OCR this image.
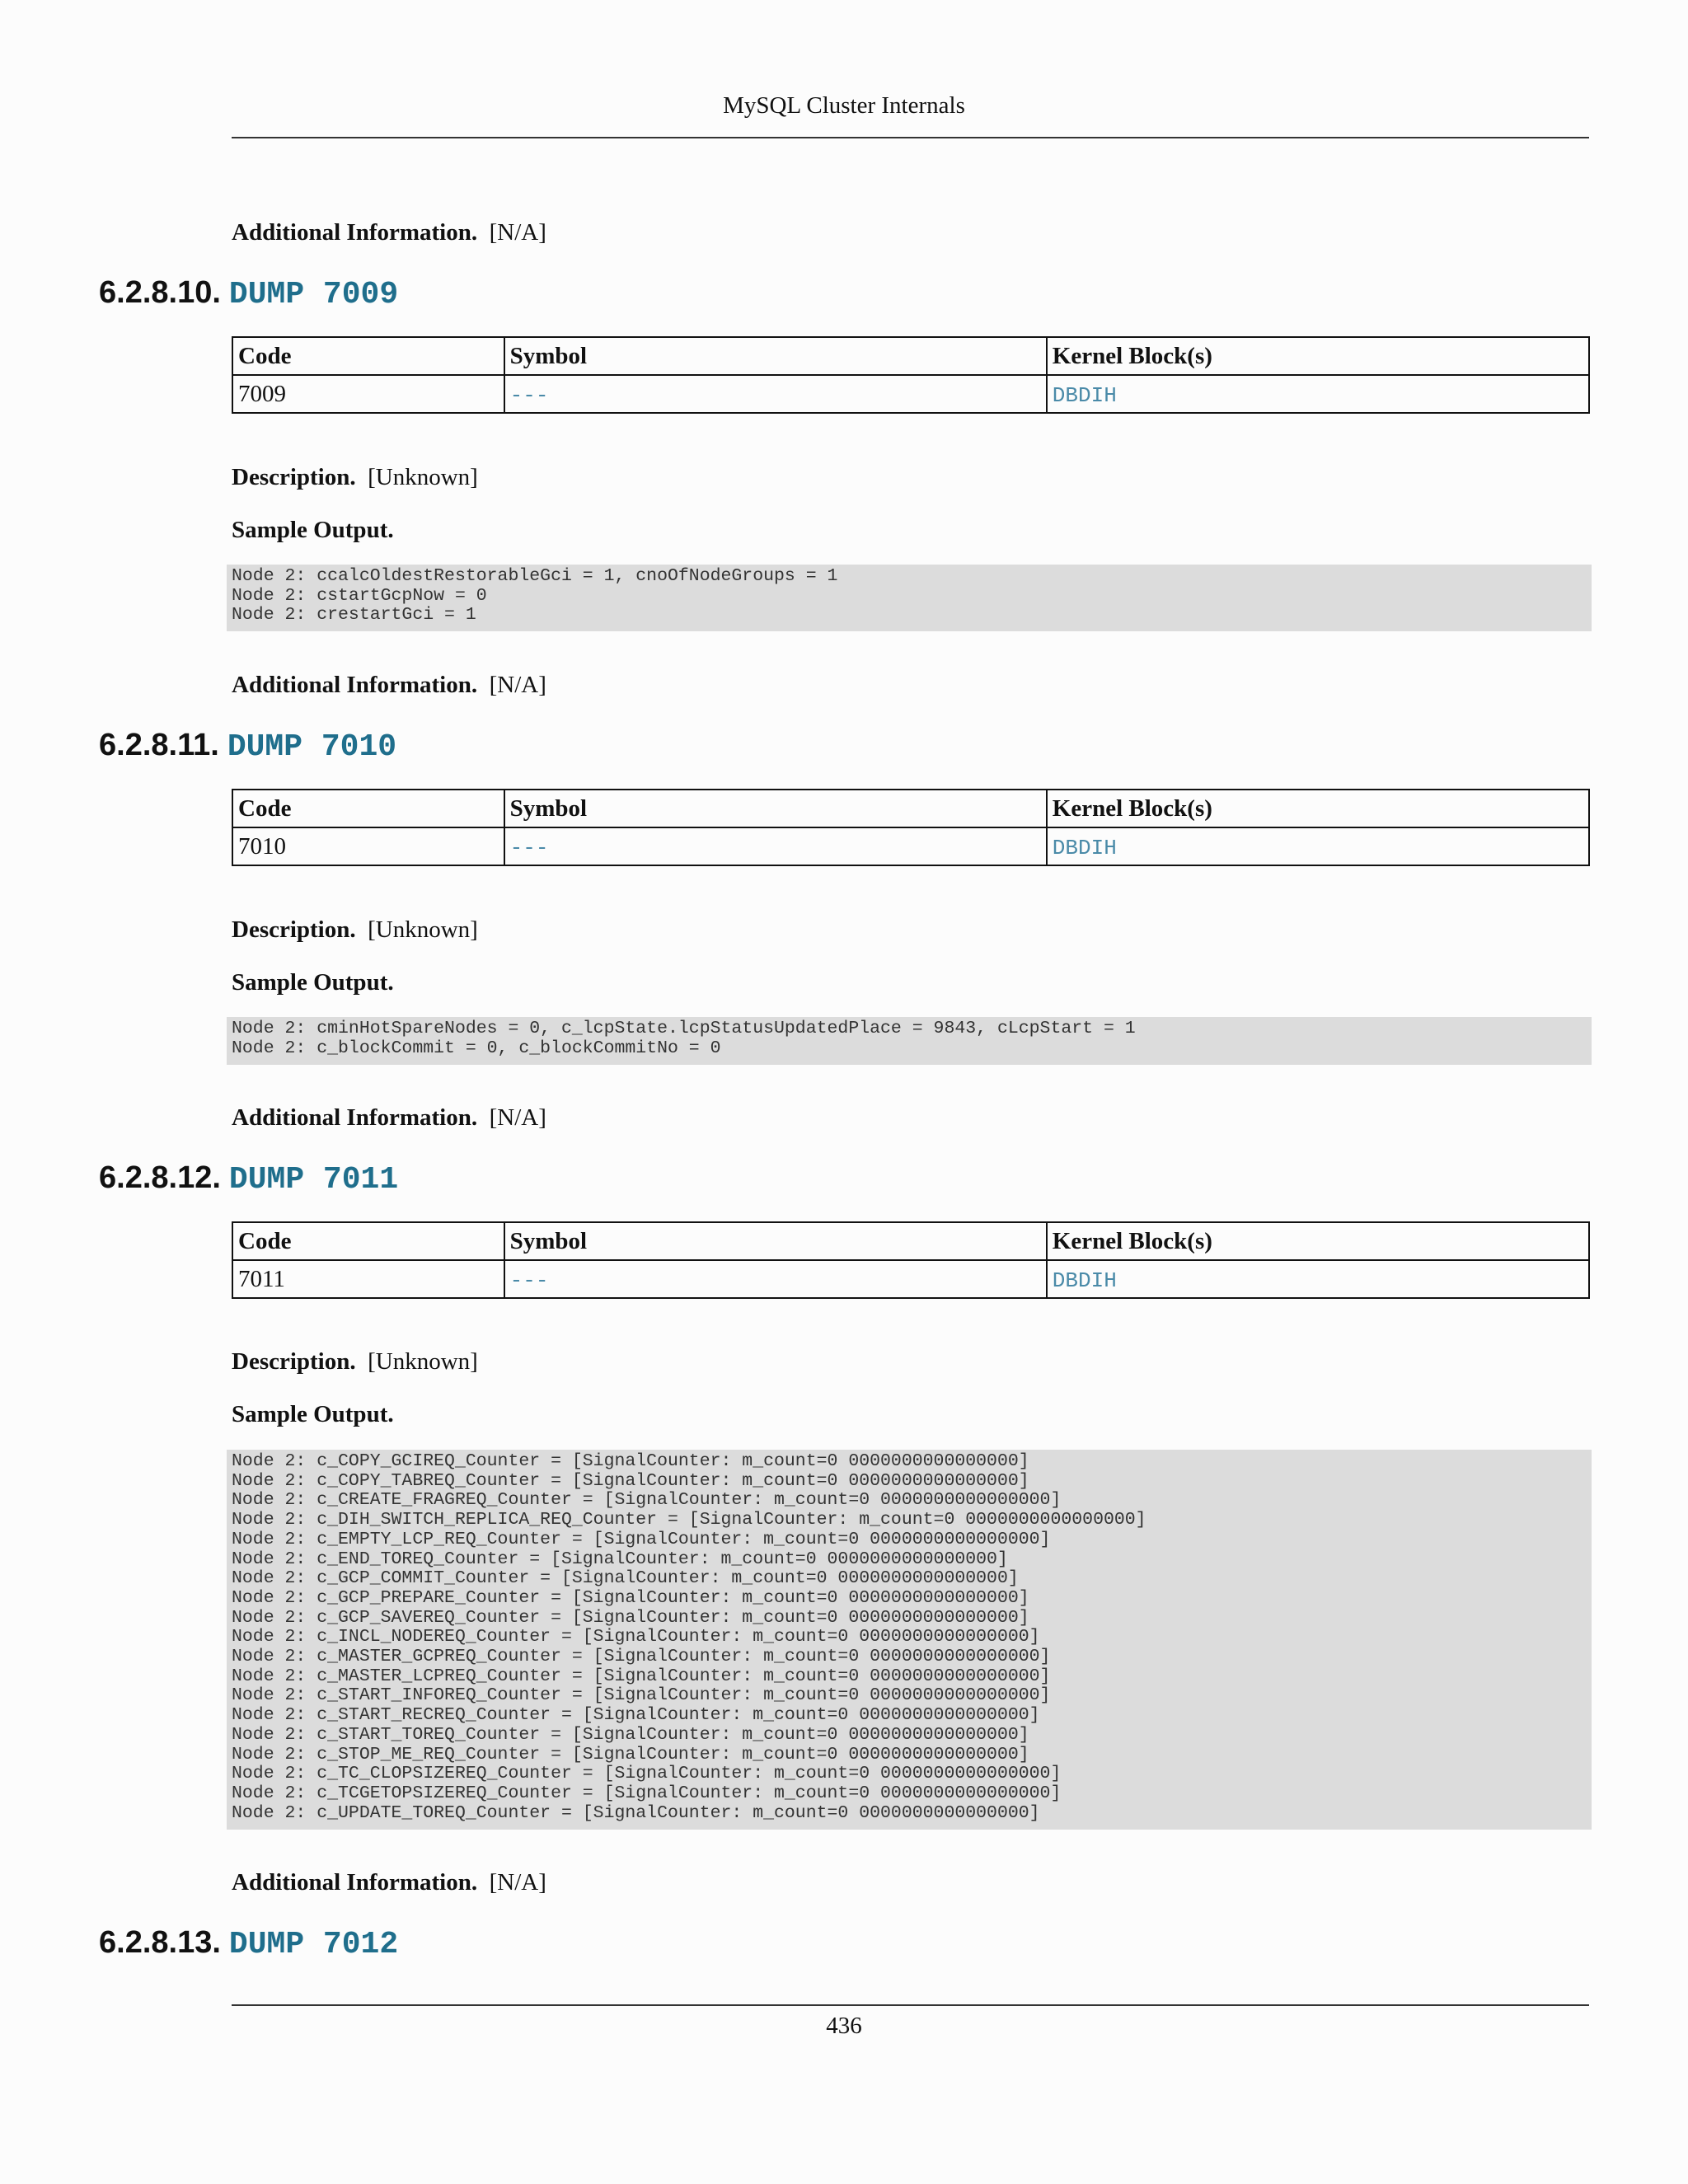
MySQL Cluster Internals
Additional Information. [N/A]
6.2.8.10. DUMP 7009
Code	Symbol	Kernel Block(s)
7009	---	DBDIH
Description. [Unknown]
Sample Output.
Node 2: ccalcOldestRestorableGci = 1, cnoOfNodeGroups = 1
Node 2: cstartGcpNow = 0
Node 2: crestartGci = 1
Additional Information. [N/A]
6.2.8.11. DUMP 7010
Code	Symbol	Kernel Block(s)
7010	---	DBDIH
Description. [Unknown]
Sample Output.
Node 2: cminHotSpareNodes = 0, c_lcpState.lcpStatusUpdatedPlace = 9843, cLcpStart = 1
Node 2: c_blockCommit = 0, c_blockCommitNo = 0
Additional Information. [N/A]
6.2.8.12. DUMP 7011
Code	Symbol	Kernel Block(s)
7011	---	DBDIH
Description. [Unknown]
Sample Output.
Node 2: c_COPY_GCIREQ_Counter = [SignalCounter: m_count=0 0000000000000000]
Node 2: c_COPY_TABREQ_Counter = [SignalCounter: m_count=0 0000000000000000]
Node 2: c_CREATE_FRAGREQ_Counter = [SignalCounter: m_count=0 0000000000000000]
Node 2: c_DIH_SWITCH_REPLICA_REQ_Counter = [SignalCounter: m_count=0 0000000000000000]
Node 2: c_EMPTY_LCP_REQ_Counter = [SignalCounter: m_count=0 0000000000000000]
Node 2: c_END_TOREQ_Counter = [SignalCounter: m_count=0 0000000000000000]
Node 2: c_GCP_COMMIT_Counter = [SignalCounter: m_count=0 0000000000000000]
Node 2: c_GCP_PREPARE_Counter = [SignalCounter: m_count=0 0000000000000000]
Node 2: c_GCP_SAVEREQ_Counter = [SignalCounter: m_count=0 0000000000000000]
Node 2: c_INCL_NODEREQ_Counter = [SignalCounter: m_count=0 0000000000000000]
Node 2: c_MASTER_GCPREQ_Counter = [SignalCounter: m_count=0 0000000000000000]
Node 2: c_MASTER_LCPREQ_Counter = [SignalCounter: m_count=0 0000000000000000]
Node 2: c_START_INFOREQ_Counter = [SignalCounter: m_count=0 0000000000000000]
Node 2: c_START_RECREQ_Counter = [SignalCounter: m_count=0 0000000000000000]
Node 2: c_START_TOREQ_Counter = [SignalCounter: m_count=0 0000000000000000]
Node 2: c_STOP_ME_REQ_Counter = [SignalCounter: m_count=0 0000000000000000]
Node 2: c_TC_CLOPSIZEREQ_Counter = [SignalCounter: m_count=0 0000000000000000]
Node 2: c_TCGETOPSIZEREQ_Counter = [SignalCounter: m_count=0 0000000000000000]
Node 2: c_UPDATE_TOREQ_Counter = [SignalCounter: m_count=0 0000000000000000]
Additional Information. [N/A]
6.2.8.13. DUMP 7012
436
